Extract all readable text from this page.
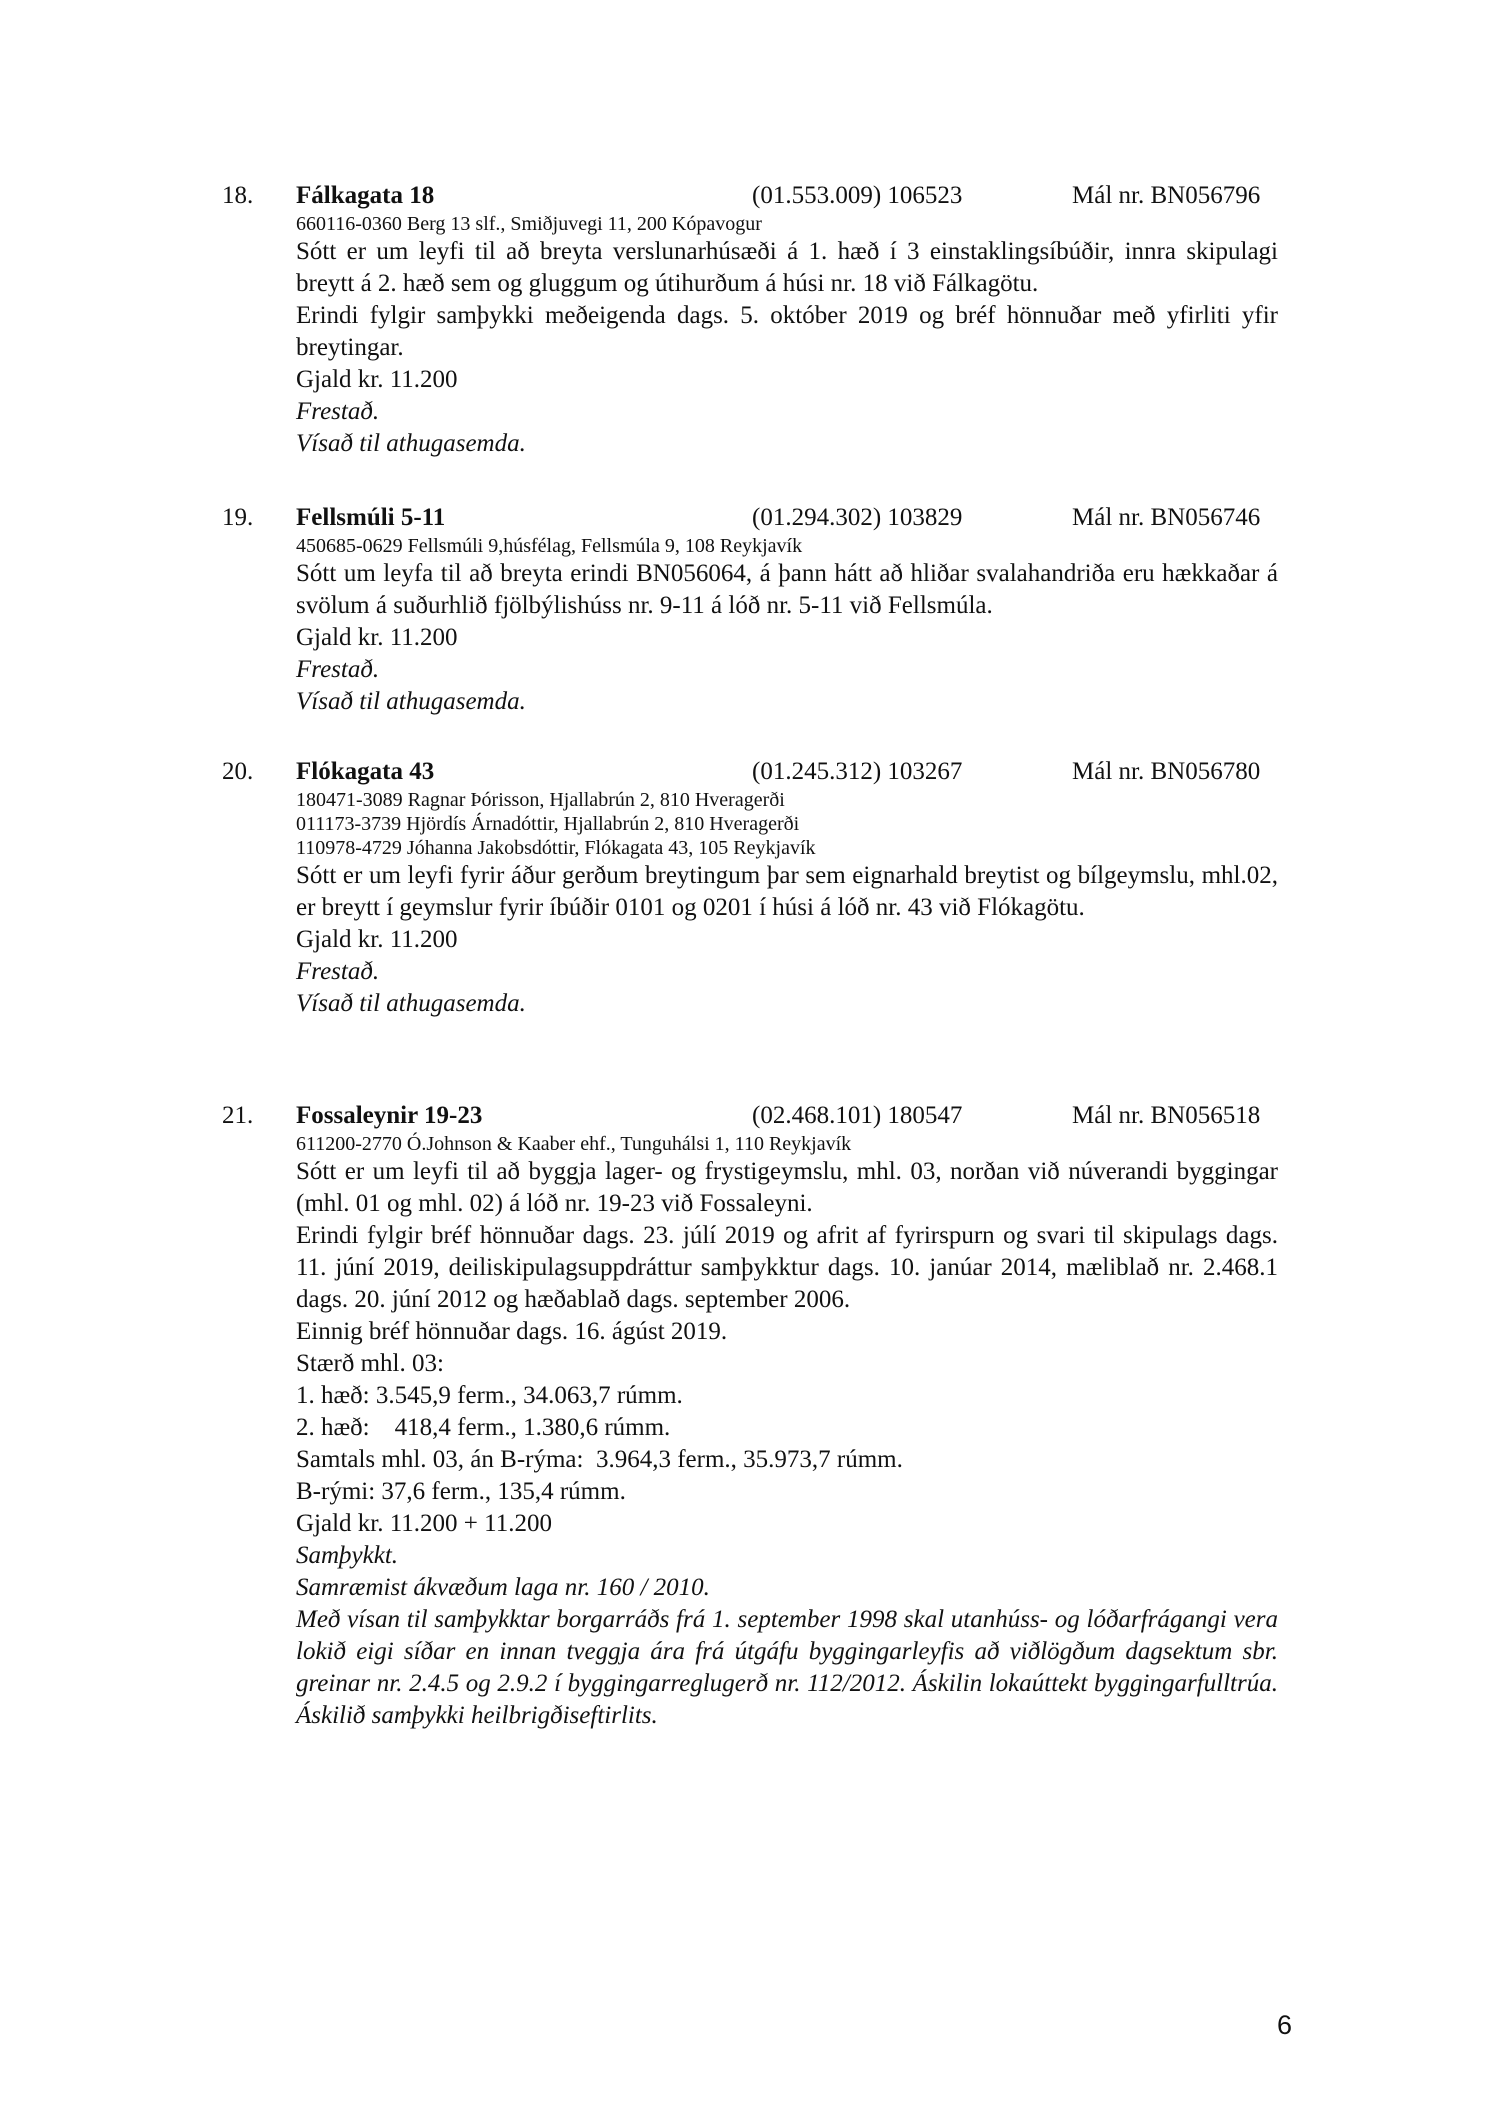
18. Fálkagata 18	(01.553.009) 106523	Mál nr. BN056796
660116-0360 Berg 13 slf., Smiðjuvegi 11, 200 Kópavogur
Sótt er um leyfi til að breyta verslunarhúsæði á 1. hæð í 3 einstaklingsíbúðir, innra skipulagi breytt á 2. hæð sem og gluggum og útihurðum á húsi nr. 18 við Fálkagötu.
Erindi fylgir samþykki meðeigenda dags. 5. október 2019 og bréf hönnuðar með yfirliti yfir breytingar.
Gjald kr. 11.200
Frestað.
Vísað til athugasemda.
19. Fellsmúli 5-11	(01.294.302) 103829	Mál nr. BN056746
450685-0629 Fellsmúli 9,húsfélag, Fellsmúla 9, 108 Reykjavík
Sótt um leyfa til að breyta erindi BN056064, á þann hátt að hliðar svalahandriða eru hækkaðar á svölum á suðurhlið fjölbýlishúss nr. 9-11 á lóð nr. 5-11 við Fellsmúla.
Gjald kr. 11.200
Frestað.
Vísað til athugasemda.
20. Flókagata 43	(01.245.312) 103267	Mál nr. BN056780
180471-3089 Ragnar Þórisson, Hjallabrún 2, 810 Hveragerði
011173-3739 Hjördís Árnadóttir, Hjallabrún 2, 810 Hveragerði
110978-4729 Jóhanna Jakobsdóttir, Flókagata 43, 105 Reykjavík
Sótt er um leyfi fyrir áður gerðum breytingum þar sem eignarhald breytist og bílgeymslu, mhl.02, er breytt í geymslur fyrir íbúðir 0101 og 0201 í húsi á lóð nr. 43 við Flókagötu.
Gjald kr. 11.200
Frestað.
Vísað til athugasemda.
21. Fossaleynir 19-23	(02.468.101) 180547	Mál nr. BN056518
611200-2770 Ó.Johnson & Kaaber ehf., Tunguhálsi 1, 110 Reykjavík
Sótt er um leyfi til að byggja lager- og frystigeymslu, mhl. 03, norðan við núverandi byggingar (mhl. 01 og mhl. 02) á lóð nr. 19-23 við Fossaleyni.
Erindi fylgir bréf hönnuðar dags. 23. júlí 2019 og afrit af fyrirspurn og svari til skipulags dags. 11. júní 2019, deiliskipulagsuppdráttur samþykktur dags. 10. janúar 2014, mæliblað nr. 2.468.1 dags. 20. júní 2012 og hæðablað dags. september 2006.
Einnig bréf hönnuðar dags. 16. ágúst 2019.
Stærð mhl. 03:
1. hæð: 3.545,9 ferm., 34.063,7 rúmm.
2. hæð:    418,4 ferm., 1.380,6 rúmm.
Samtals mhl. 03, án B-rýma:  3.964,3 ferm., 35.973,7 rúmm.
B-rými: 37,6 ferm., 135,4 rúmm.
Gjald kr. 11.200 + 11.200
Samþykkt.
Samræmist ákvæðum laga nr. 160 / 2010.
Með vísan til samþykktar borgarráðs frá 1. september 1998 skal utanhúss- og lóðarfrágangi vera lokið eigi síðar en innan tveggja ára frá útgáfu byggingarleyfis að viðlögðum dagsektum sbr. greinar nr. 2.4.5 og 2.9.2 í byggingarreglugerð nr. 112/2012. Áskilin lokaúttekt byggingarfulltrúa. Áskilið samþykki heilbrigðiseftirlits.
6
